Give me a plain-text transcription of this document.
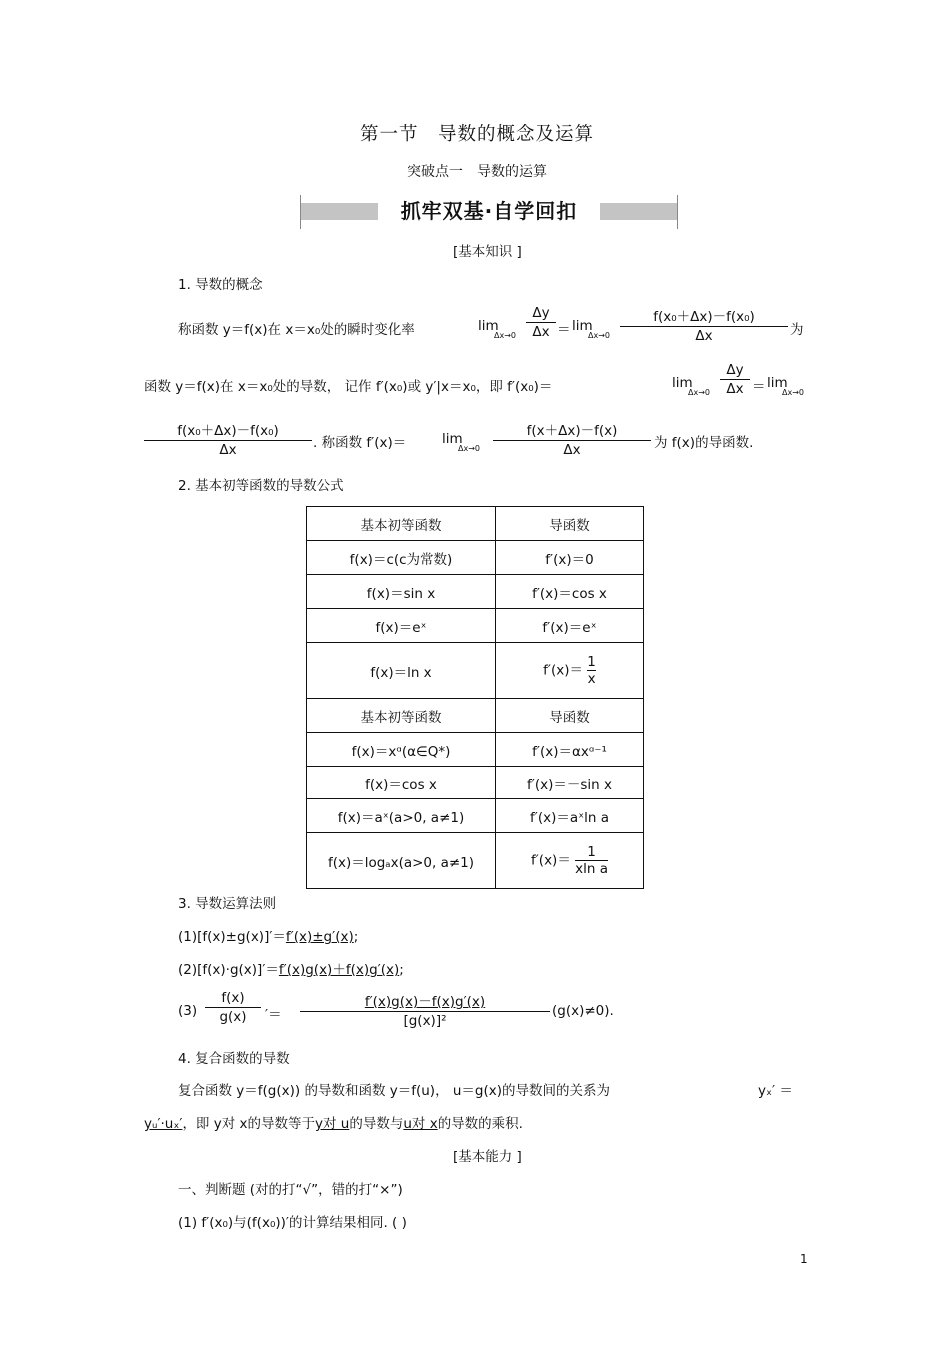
第一节　导数的概念及运算
突破点一　导数的运算
抓牢双基·自学回扣
[基本知识 ]
1. 导数的概念
称函数 y＝f(x)在 x＝x₀处的瞬时变化率	lim
Δx→0
Δy
Δx ＝ lim
Δx→0
f(x₀＋Δx)－f(x₀)
Δx	为
函数 y＝f(x)在 x＝x₀处的导数， 记作 f′(x₀)或 y′|x＝x₀，即 f′(x₀)＝	lim
Δx→0
Δy
Δx ＝ lim
Δx→0
f(x₀＋Δx)－f(x₀)
Δx	. 称函数 f′(x)＝	lim
Δx→0
f(x＋Δx)－f(x)
Δx	为 f(x)的导函数.
2. 基本初等函数的导数公式
基本初等函数	导函数
f(x)＝c(c为常数)	f′(x)＝0
f(x)＝sin x	f′(x)＝cos x
f(x)＝eˣ	f′(x)＝eˣ
f(x)＝ln x	$f'(x)= \frac{1}{x}$

基本初等函数	导函数
f(x)＝xᵅ(α∈Q*)	f′(x)＝αxᵅ⁻¹
f(x)＝cos x	f′(x)＝－sin x
f(x)＝aˣ(a>0, a≠1)	f′(x)＝aˣln a
f(x)＝logₐx(a>0, a≠1)	$f'(x)= \frac{1}{\text{xln a}}$
3. 导数运算法则
(1)[f(x)±g(x)]′＝f′(x)±g′(x);
(2)[f(x)·g(x)]′＝f′(x)g(x)＋f(x)g′(x);
(3)
f(x)
g(x)	′＝ $\frac{f'(x)g(x)-f(x)g'(x)}{\text{[g(x)]²}} (g(x)\ne 0)$.
4. 复合函数的导数
复合函数 y＝f(g(x)) 的导数和函数 y＝f(u)， u＝g(x)的导数间的关系为	yₓ′ ＝
yᵤ′·uₓ′，即 y对 x的导数等于y对 u的导数与u对 x的导数的乘积.
[基本能力 ]
一、判断题 (对的打“√”，错的打“×”)
(1) f′(x₀)与(f(x₀))′的计算结果相同. ( )
1
